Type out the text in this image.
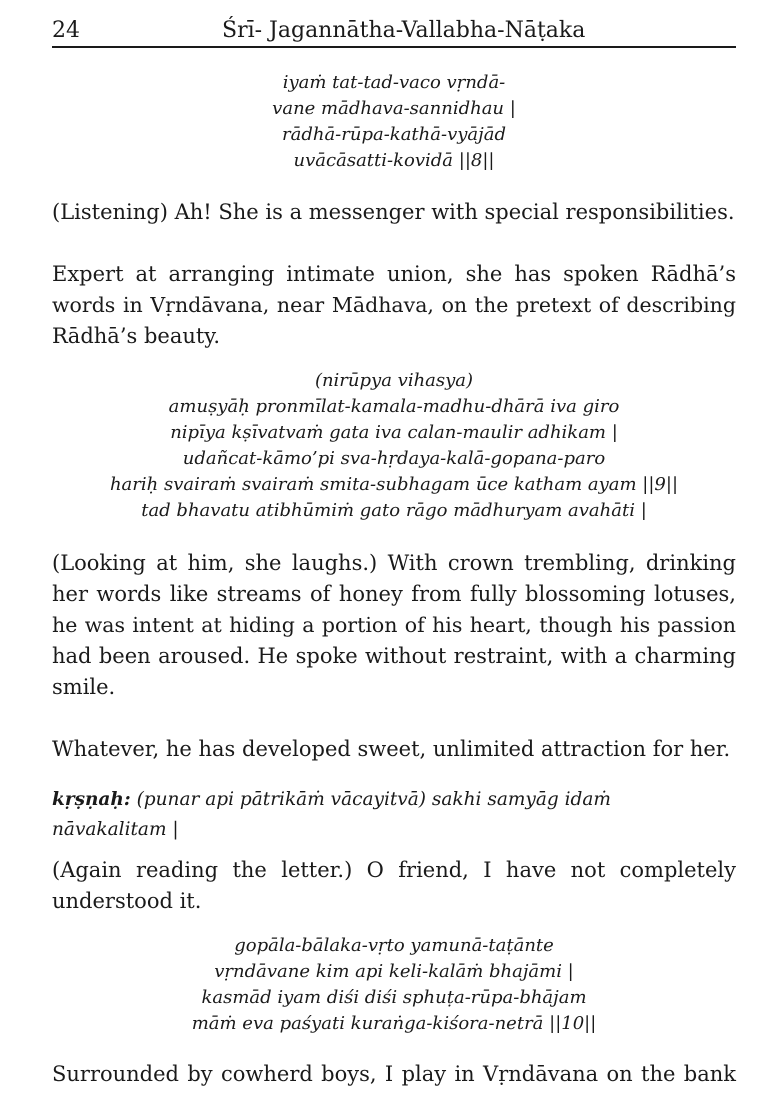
24	Śrī- Jagannātha-Vallabha-Nāṭaka
iyaṁ tat-tad-vaco vṛndā-
vane mādhava-sannidhau |
rādhā-rūpa-kathā-vyājād
uvācāsatti-kovidā ||8||
(Listening) Ah! She is a messenger with special responsibilities.
Expert at arranging intimate union, she has spoken Rādhā’s
words in Vṛndāvana, near Mādhava, on the pretext of describing
Rādhā’s beauty.
(nirūpya vihasya)
amuṣyāḥ pronmīlat-kamala-madhu-dhārā iva giro
nipīya kṣīvatvaṁ gata iva calan-maulir adhikam |
udañcat-kāmo’pi sva-hṛdaya-kalā-gopana-paro
hariḥ svairaṁ svairaṁ smita-subhagam ūce katham ayam ||9||
tad bhavatu atibhūmiṁ gato rāgo mādhuryam avahāti |
(Looking at him, she laughs.) With crown trembling, drinking
her words like streams of honey from fully blossoming lotuses,
he was intent at hiding a portion of his heart, though his passion
had been aroused. He spoke without restraint, with a charming
smile.
Whatever, he has developed sweet, unlimited attraction for her.
kṛṣṇaḥ: (punar api pātrikāṁ vācayitvā) sakhi samyāg idaṁ
nāvakalitam |
(Again reading the letter.) O friend, I have not completely
understood it.
gopāla-bālaka-vṛto yamunā-taṭānte
vṛndāvane kim api keli-kalāṁ bhajāmi |
kasmād iyam diśi diśi sphuṭa-rūpa-bhājam
māṁ eva paśyati kuraṅga-kiśora-netrā ||10||
Surrounded by cowherd boys, I play in Vṛndāvana on the bank
